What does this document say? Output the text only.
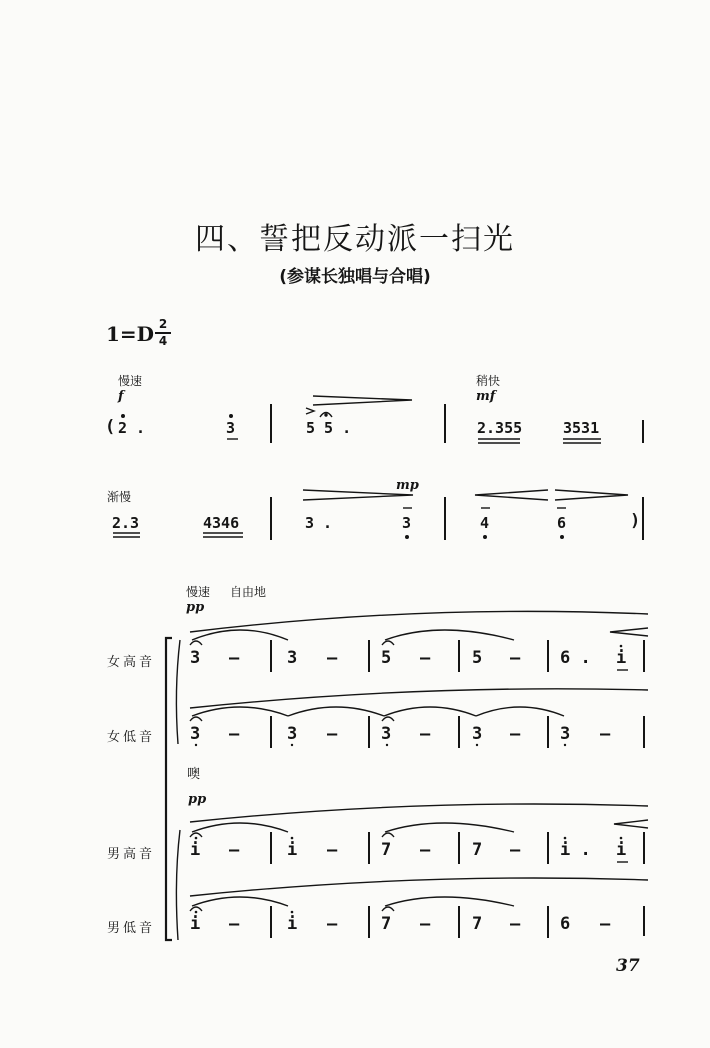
四、誓把反动派一扫光
(参谋长独唱与合唱)
1=D 2
4
慢速
f
稍快
mf
( 2 .	3	5 5 .	2.355	3531
渐慢
mp
2.3	4346	3 .	3	4	6	)
慢速 自由地
pp
噢
pp
女高音
女低音
男高音
男低音
3 –	3 –	5 – 5 – 6 . i
3 –	3 –	3 – 3 – 3 –
i –	i –	7 – 7 – i . i
i –	i –	7 – 7 – 6 –
37
